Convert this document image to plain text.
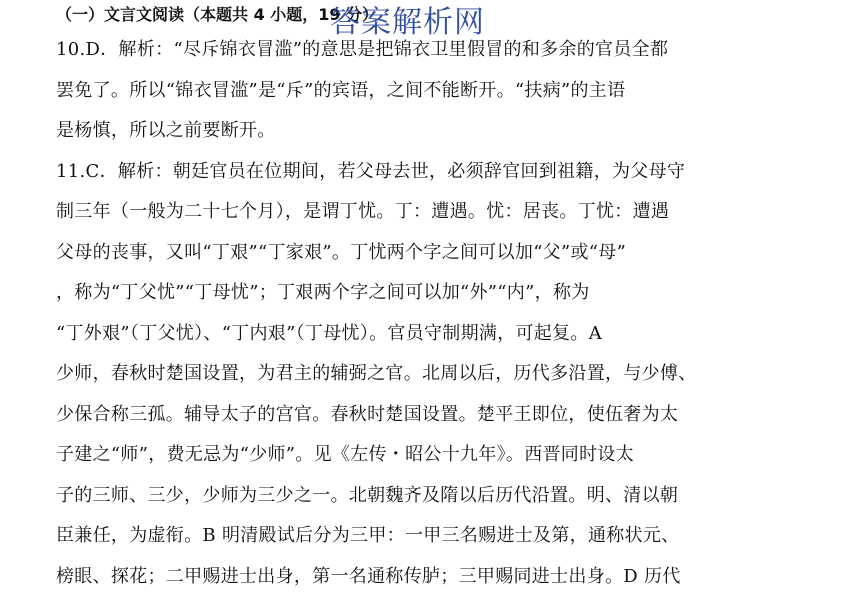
（一）文言文阅读（本题共 4 小题，19 分）
答案解析网
10.D．解析：“尽斥锦衣冒滥”的意思是把锦衣卫里假冒的和多余的官员全都
罢免了。所以“锦衣冒滥”是“斥”的宾语，之间不能断开。“扶病”的主语
是杨慎，所以之前要断开。
11.C．解析：朝廷官员在位期间，若父母去世，必须辞官回到祖籍，为父母守
制三年（一般为二十七个月），是谓丁忧。丁：遭遇。忧：居丧。丁忧：遭遇
父母的丧事，又叫“丁艰”“丁家艰”。丁忧两个字之间可以加“父”或“母”
，称为“丁父忧”“丁母忧”；丁艰两个字之间可以加“外”“内”，称为
“丁外艰”（丁父忧）、“丁内艰”（丁母忧）。官员守制期满，可起复。A
少师，春秋时楚国设置，为君主的辅弼之官。北周以后，历代多沿置，与少傅、
少保合称三孤。辅导太子的宫官。春秋时楚国设置。楚平王即位，使伍奢为太
子建之“师”，费无忌为“少师”。见《左传・昭公十九年》。西晋同时设太
子的三师、三少，少师为三少之一。北朝魏齐及隋以后历代沿置。明、清以朝
臣兼任，为虚衔。B 明清殿试后分为三甲：一甲三名赐进士及第，通称状元、
榜眼、探花；二甲赐进士出身，第一名通称传胪；三甲赐同进士出身。D 历代
